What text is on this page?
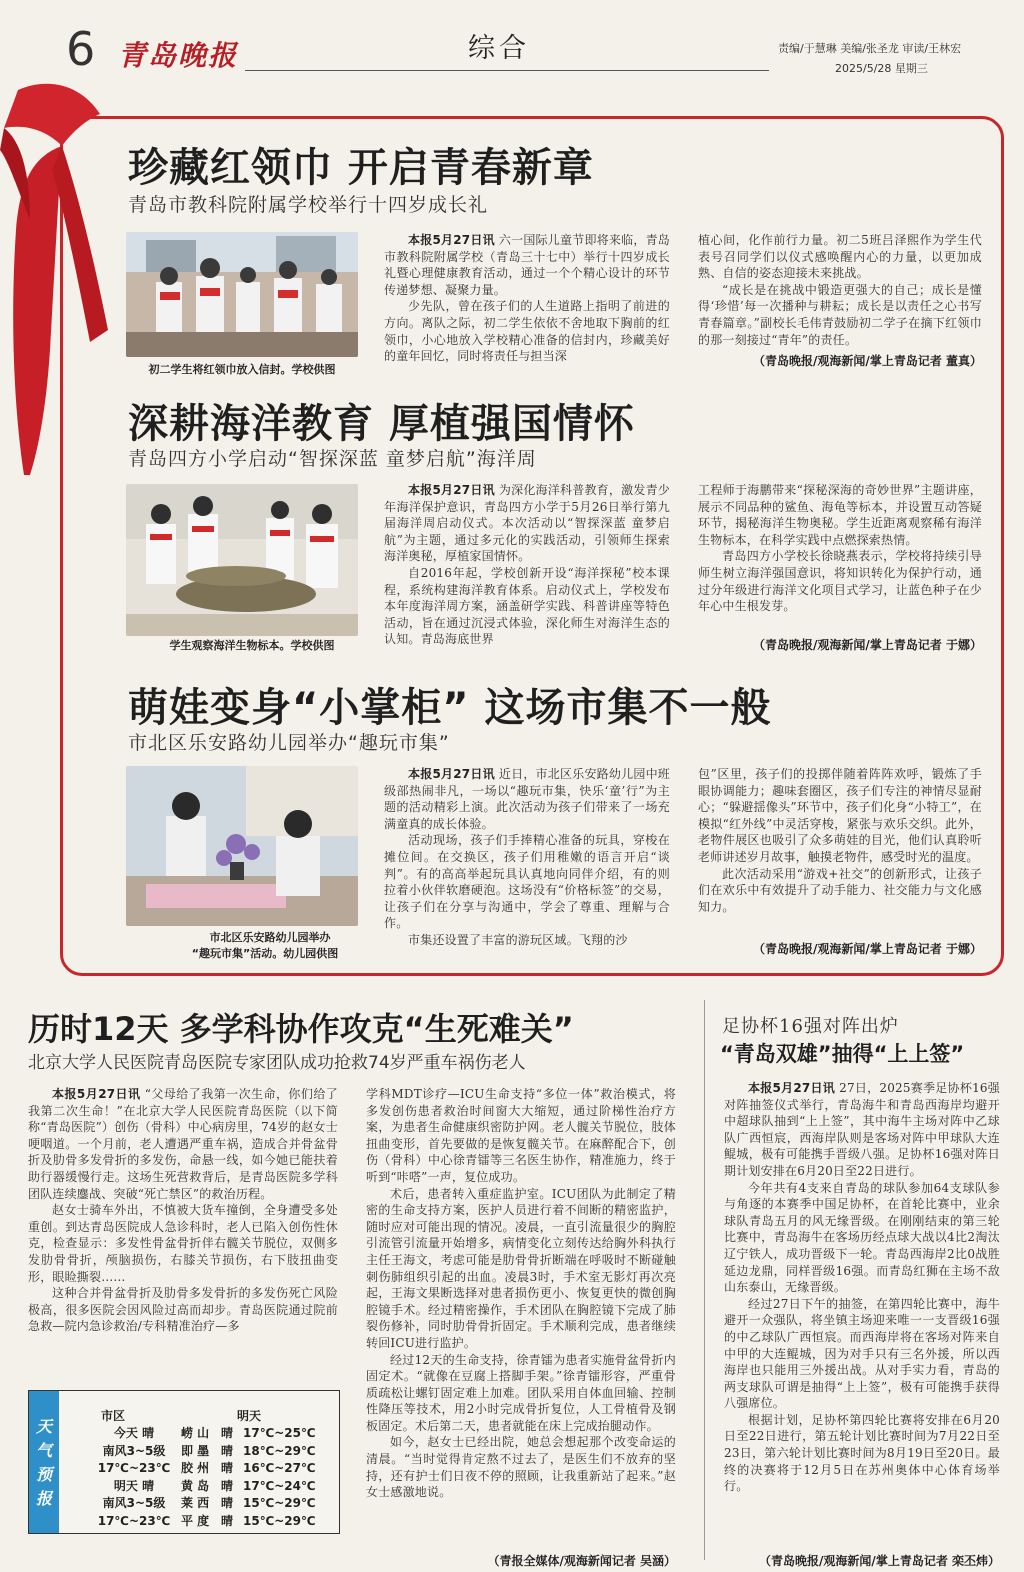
6 青岛晚报	综合	责编/于慧琳 美编/张圣龙 审读/王林宏
2025/5/28 星期三
珍藏红领巾 开启青春新章
青岛市教科院附属学校举行十四岁成长礼
初二学生将红领巾放入信封。学校供图

本报5月27日讯 六一国际儿童节即将来临，青岛市教科院附属学校（青岛三十七中）举行十四岁成长礼暨心理健康教育活动，通过一个个精心设计的环节传递梦想、凝聚力量。

少先队，曾在孩子们的人生道路上指明了前进的方向。离队之际，初二学生依依不舍地取下胸前的红领巾，小心地放入学校精心准备的信封内，珍藏美好的童年回忆，同时将责任与担当深

植心间，化作前行力量。初二5班吕泽熙作为学生代表号召同学们以仪式感唤醒内心的力量，以更加成熟、自信的姿态迎接未来挑战。

“成长是在挑战中锻造更强大的自己；成长是懂得‘珍惜’每一次播种与耕耘；成长是以责任之心书写青春篇章。”副校长毛伟青鼓励初二学子在摘下红领巾的那一刻接过“青年”的责任。

（青岛晚报/观海新闻/掌上青岛记者 董真）
深耕海洋教育 厚植强国情怀
青岛四方小学启动“智探深蓝 童梦启航”海洋周
学生观察海洋生物标本。学校供图

本报5月27日讯 为深化海洋科普教育，激发青少年海洋保护意识，青岛四方小学于5月26日举行第九届海洋周启动仪式。本次活动以“智探深蓝 童梦启航”为主题，通过多元化的实践活动，引领师生探索海洋奥秘，厚植家国情怀。

自2016年起，学校创新开设“海洋探秘”校本课程，系统构建海洋教育体系。启动仪式上，学校发布本年度海洋周方案，涵盖研学实践、科普讲座等特色活动，旨在通过沉浸式体验，深化师生对海洋生态的认知。青岛海底世界

工程师于海鹏带来“探秘深海的奇妙世界”主题讲座，展示不同品种的鲨鱼、海龟等标本，并设置互动答疑环节，揭秘海洋生物奥秘。学生近距离观察稀有海洋生物标本，在科学实践中点燃探索热情。

青岛四方小学校长徐晓燕表示，学校将持续引导师生树立海洋强国意识，将知识转化为保护行动，通过分年级进行海洋文化项目式学习，让蓝色种子在少年心中生根发芽。

（青岛晚报/观海新闻/掌上青岛记者 于娜）
萌娃变身“小掌柜” 这场市集不一般
市北区乐安路幼儿园举办“趣玩市集”
市北区乐安路幼儿园举办
“趣玩市集”活动。幼儿园供图

本报5月27日讯 近日，市北区乐安路幼儿园中班级部热闹非凡，一场以“趣玩市集，快乐‘童’行”为主题的活动精彩上演。此次活动为孩子们带来了一场充满童真的成长体验。

活动现场，孩子们手捧精心准备的玩具，穿梭在摊位间。在交换区，孩子们用稚嫩的语言开启“谈判”。有的高高举起玩具认真地向同伴介绍，有的则拉着小伙伴软磨硬泡。这场没有“价格标签”的交易，让孩子们在分享与沟通中，学会了尊重、理解与合作。

市集还设置了丰富的游玩区域。飞翔的沙

包”区里，孩子们的投掷伴随着阵阵欢呼，锻炼了手眼协调能力；趣味套圈区，孩子们专注的神情尽显耐心；“躲避揺像头”环节中，孩子们化身“小特工”，在模拟“红外线”中灵活穿梭，紧张与欢乐交织。此外，老物件展区也吸引了众多萌娃的目光，他们认真聆听老师讲述岁月故事，触摸老物件，感受时光的温度。

此次活动采用“游戏+社交”的创新形式，让孩子们在欢乐中有效提升了动手能力、社交能力与文化感知力。

（青岛晚报/观海新闻/掌上青岛记者 于娜）
历时12天 多学科协作攻克“生死难关”
北京大学人民医院青岛医院专家团队成功抢救74岁严重车祸伤老人

本报5月27日讯 “父母给了我第一次生命，你们给了我第二次生命！”在北京大学人民医院青岛医院（以下简称“青岛医院”）创伤（骨科）中心病房里，74岁的赵女士哽咽道。一个月前，老人遭遇严重车祸，造成合并骨盆骨折及肋骨多发骨折的多发伤，命悬一线，如今她已能扶着助行器缓慢行走。这场生死营救背后，是青岛医院多学科团队连续鏖战、突破“死亡禁区”的救治历程。

赵女士骑车外出，不慎被大货车撞倒，全身遭受多处重创。到达青岛医院成人急诊科时，老人已陷入创伤性休克，检查显示：多发性骨盆骨折伴右髋关节脱位，双侧多发肋骨骨折，颅脑损伤，右膝关节损伤，右下肢扭曲变形，眼睑撕裂……

这种合并骨盆骨折及肋骨多发骨折的多发伤死亡风险极高，很多医院会因风险过高而却步。青岛医院通过院前急救—院内急诊救治/专科精准治疗—多

学科MDT诊疗—ICU生命支持“多位一体”救治模式，将多发创伤患者救治时间窗大大缩短，通过阶梯性治疗方案，为患者生命健康织密防护网。老人髋关节脱位，肢体扭曲变形，首先要做的是恢复髋关节。在麻醉配合下，创伤（骨科）中心徐青镭等三名医生协作，精准施力，终于听到“咔嗒”一声，复位成功。

术后，患者转入重症监护室。ICU团队为此制定了精密的生命支持方案，医护人员进行着不间断的精密监护，随时应对可能出现的情况。凌晨，一直引流量很少的胸腔引流管引流量开始增多，病情变化立刻传达给胸外科执行主任王海文，考虑可能是肋骨骨折断端在呼吸时不断碰触刺伤肺组织引起的出血。凌晨3时，手术室无影灯再次亮起，王海文果断选择对患者损伤更小、恢复更快的微创胸腔镜手术。经过精密操作，手术团队在胸腔镜下完成了肺裂伤修补，同时肋骨骨折固定。手术顺利完成，患者继续转回ICU进行监护。

经过12天的生命支持，徐青镭为患者实施骨盆骨折内固定术。“就像在豆腐上搭脚手架。”徐青镭形容，严重骨质疏松让螺钉固定难上加难。团队采用自体血回输、控制性降压等技术，用2小时完成骨折复位，人工骨植骨及钢板固定。术后第二天，患者就能在床上完成抬腿动作。

如今，赵女士已经出院，她总会想起那个改变命运的清晨。“当时觉得肯定熬不过去了，是医生们不放弃的坚持，还有护士们日夜不停的照顾，让我重新站了起来。”赵女士感激地说。

（青报全媒体/观海新闻记者 吴涵）
天气预报
市区
今天 晴
南风3~5级
17℃~23℃
明天 晴
南风3~5级
17℃~23℃
明天
崂 山 晴 17℃~25℃
即 墨 晴 18℃~29℃
胶 州 晴 16℃~27℃
黄 岛 晴 17℃~24℃
莱 西 晴 15℃~29℃
平 度 晴 15℃~29℃
足协杯16强对阵出炉
“青岛双雄”抽得“上上签”

本报5月27日讯 27日，2025赛季足协杯16强对阵抽签仪式举行，青岛海牛和青岛西海岸均避开中超球队抽到“上上签”，其中海牛主场对阵中乙球队广西恒宸，西海岸队则是客场对阵中甲球队大连鲲城，极有可能携手晋级八强。足协杯16强对阵日期计划安排在6月20日至22日进行。

今年共有4支来自青岛的球队参加64支球队参与角逐的本赛季中国足协杯，在首轮比赛中，业余球队青岛五月的风无缘晋级。在刚刚结束的第三轮比赛中，青岛海牛在客场历经点球大战以4比2淘汰辽宁铁人，成功晋级下一轮。青岛西海岸2比0战胜延边龙鼎，同样晋级16强。而青岛红狮在主场不敌山东泰山，无缘晋级。

经过27日下午的抽签，在第四轮比赛中，海牛避开一众强队，将坐镇主场迎来唯一一支晋级16强的中乙球队广西恒宸。而西海岸将在客场对阵来自中甲的大连鲲城，因为对手只有三名外援，所以西海岸也只能用三外援出战。从对手实力看，青岛的两支球队可谓是抽得“上上签”，极有可能携手获得八强席位。

根据计划，足协杯第四轮比赛将安排在6月20日至22日进行，第五轮计划比赛时间为7月22日至23日，第六轮计划比赛时间为8月19日至20日。最终的决赛将于12月5日在苏州奥体中心体育场举行。

（青岛晚报/观海新闻/掌上青岛记者 栾丕炜）
